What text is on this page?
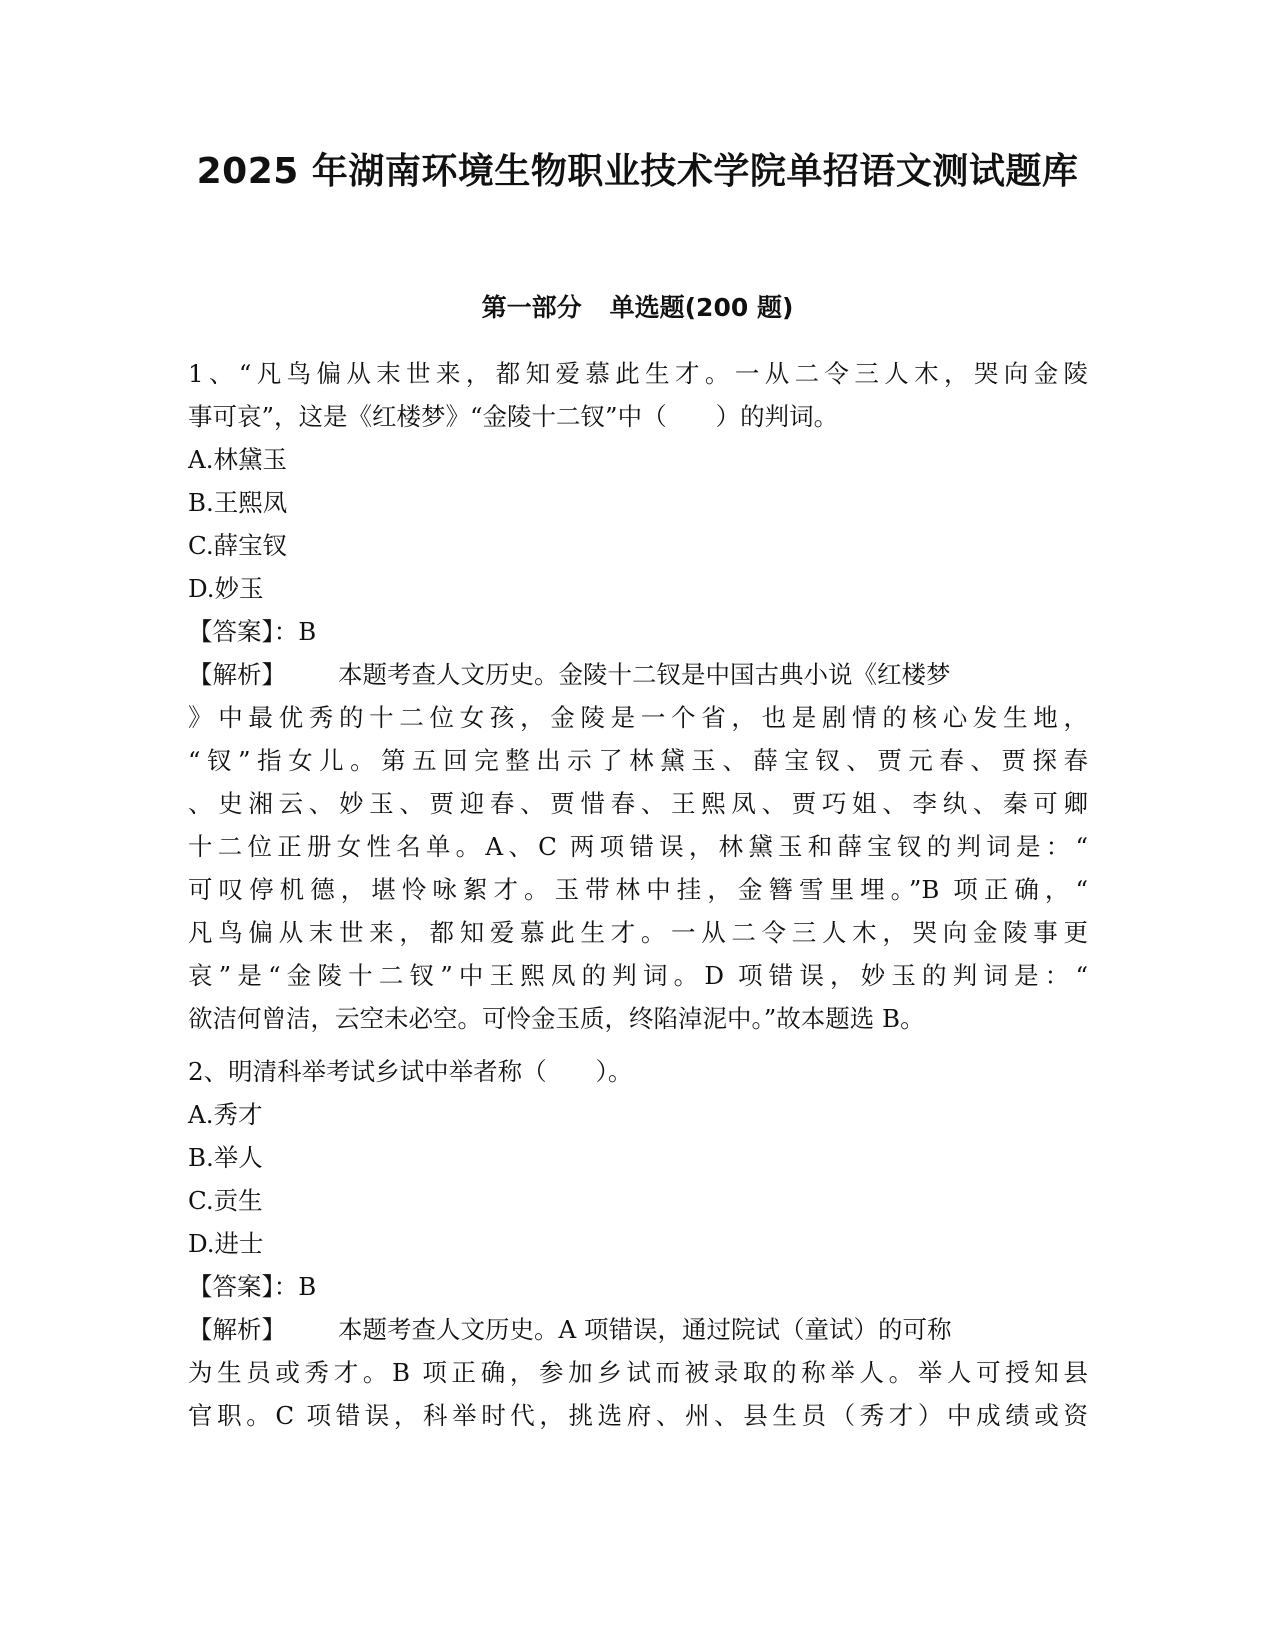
2025 年湖南环境生物职业技术学院单招语文测试题库
第一部分 单选题(200 题)
1、“凡鸟偏从末世来，都知爱慕此生才。一从二令三人木，哭向金陵
事可哀”，这是《红楼梦》“金陵十二钗”中（　　）的判词。
A.林黛玉
B.王熙凤
C.薛宝钗
D.妙玉
【答案】：B
【解析】 本题考查人文历史。金陵十二钗是中国古典小说《红楼梦
》中最优秀的十二位女孩，金陵是一个省，也是剧情的核心发生地，
“钗”指女儿。第五回完整出示了林黛玉、薛宝钗、贾元春、贾探春
、史湘云、妙玉、贾迎春、贾惜春、王熙凤、贾巧姐、李纨、秦可卿
十二位正册女性名单。A、C 两项错误，林黛玉和薛宝钗的判词是：“
可叹停机德，堪怜咏絮才。玉带林中挂，金簪雪里埋。”B 项正确，“
凡鸟偏从末世来，都知爱慕此生才。一从二令三人木，哭向金陵事更
哀”是“金陵十二钗”中王熙凤的判词。D 项错误，妙玉的判词是：“
欲洁何曾洁，云空未必空。可怜金玉质，终陷淖泥中。”故本题选 B。
2、明清科举考试乡试中举者称（　　）。
A.秀才
B.举人
C.贡生
D.进士
【答案】：B
【解析】 本题考查人文历史。A 项错误，通过院试（童试）的可称
为生员或秀才。B 项正确，参加乡试而被录取的称举人。举人可授知县
官职。C 项错误，科举时代，挑选府、州、县生员（秀才）中成绩或资
